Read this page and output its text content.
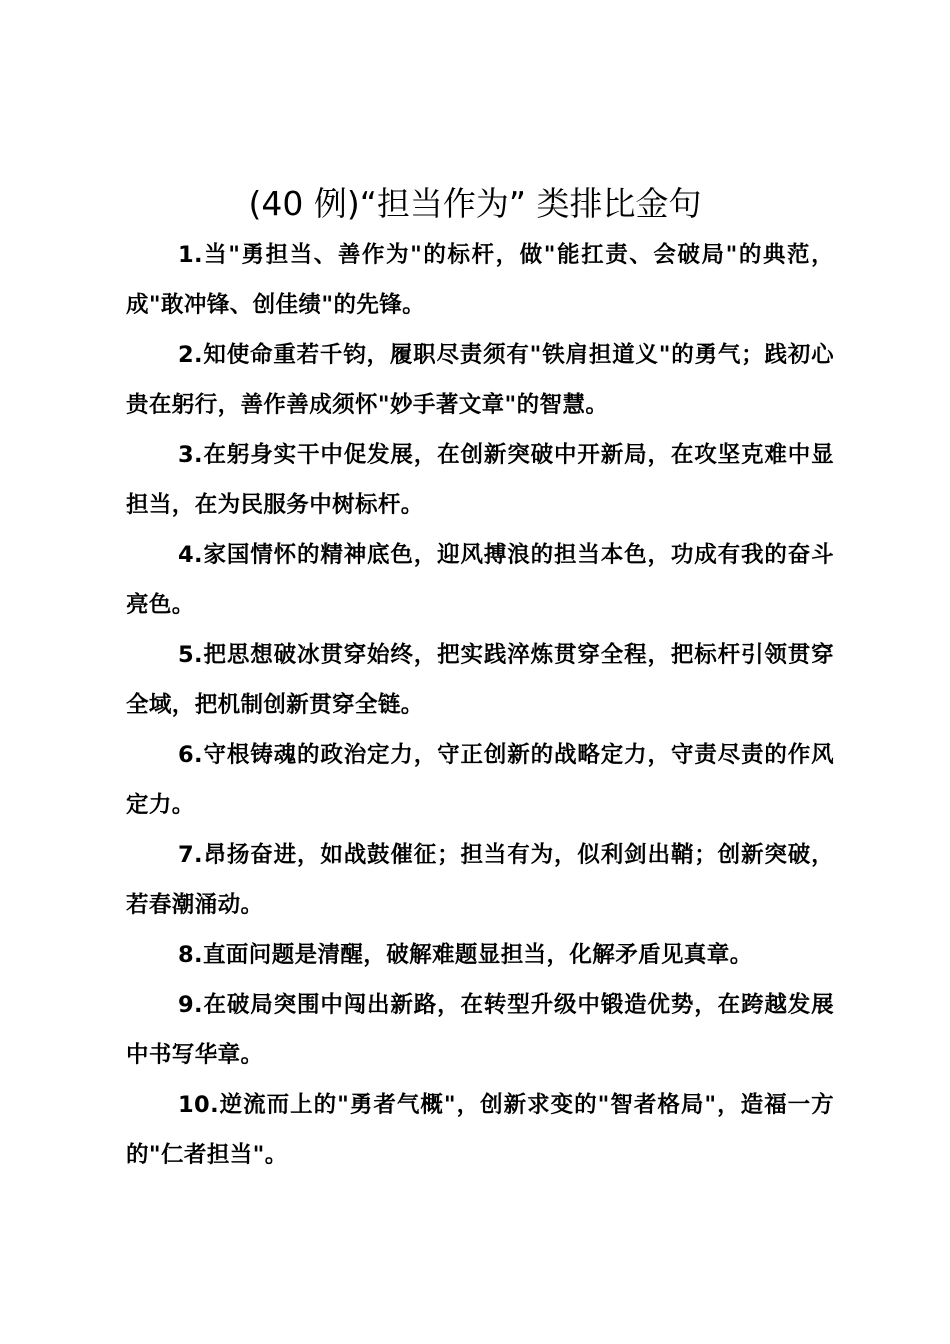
(40 例)“担当作为” 类排比金句

1.当"勇担当、善作为"的标杆，做"能扛责、会破局"的典范，成"敢冲锋、创佳绩"的先锋。

2.知使命重若千钧，履职尽责须有"铁肩担道义"的勇气；践初心贵在躬行，善作善成须怀"妙手著文章"的智慧。

3.在躬身实干中促发展，在创新突破中开新局，在攻坚克难中显担当，在为民服务中树标杆。

4.家国情怀的精神底色，迎风搏浪的担当本色，功成有我的奋斗亮色。

5.把思想破冰贯穿始终，把实践淬炼贯穿全程，把标杆引领贯穿全域，把机制创新贯穿全链。

6.守根铸魂的政治定力，守正创新的战略定力，守责尽责的作风定力。

7.昂扬奋进，如战鼓催征；担当有为，似利剑出鞘；创新突破，若春潮涌动。

8.直面问题是清醒，破解难题显担当，化解矛盾见真章。

9.在破局突围中闯出新路，在转型升级中锻造优势，在跨越发展中书写华章。

10.逆流而上的"勇者气概"，创新求变的"智者格局"，造福一方的"仁者担当"。
